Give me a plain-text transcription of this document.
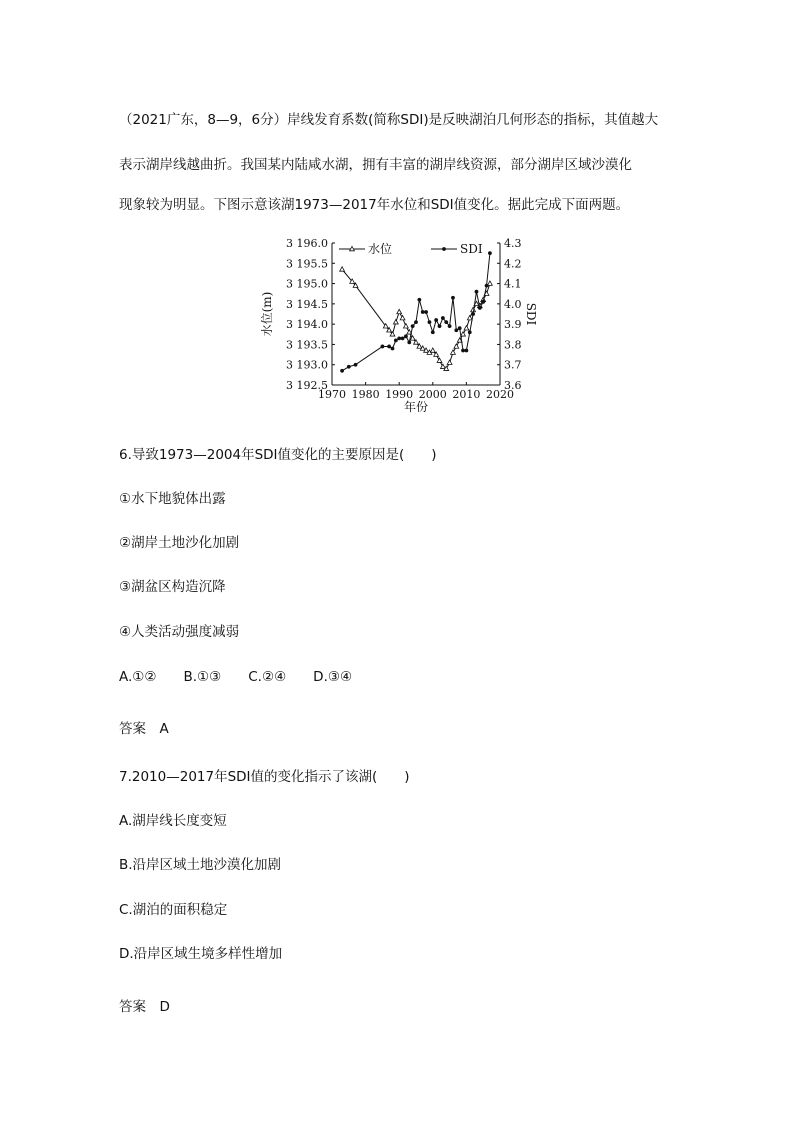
（2021广东，8—9，6分）岸线发育系数(简称SDI)是反映湖泊几何形态的指标，其值越大
表示湖岸线越曲折。我国某内陆咸水湖，拥有丰富的湖岸线资源，部分湖岸区域沙漠化
现象较为明显。下图示意该湖1973—2017年水位和SDI值变化。据此完成下面两题。
3 192.5
3 193.0
3 193.5
3 194.0
3 194.5
3 195.0
3 195.5
3 196.0
3.6
3.7
3.8
3.9
4.0
4.1
4.2
4.3
1970 1980 1990 2000 2010 2020
年份
水位(m)	SDI
水位	SDI
6.导致1973—2004年SDI值变化的主要原因是(　　)
①水下地貌体出露
②湖岸土地沙化加剧
③湖盆区构造沉降
④人类活动强度减弱
A.①②　　B.①③　　C.②④　　D.③④
答案　A
7.2010—2017年SDI值的变化指示了该湖(　　)
A.湖岸线长度变短
B.沿岸区域土地沙漠化加剧
C.湖泊的面积稳定
D.沿岸区域生境多样性增加
答案　D
